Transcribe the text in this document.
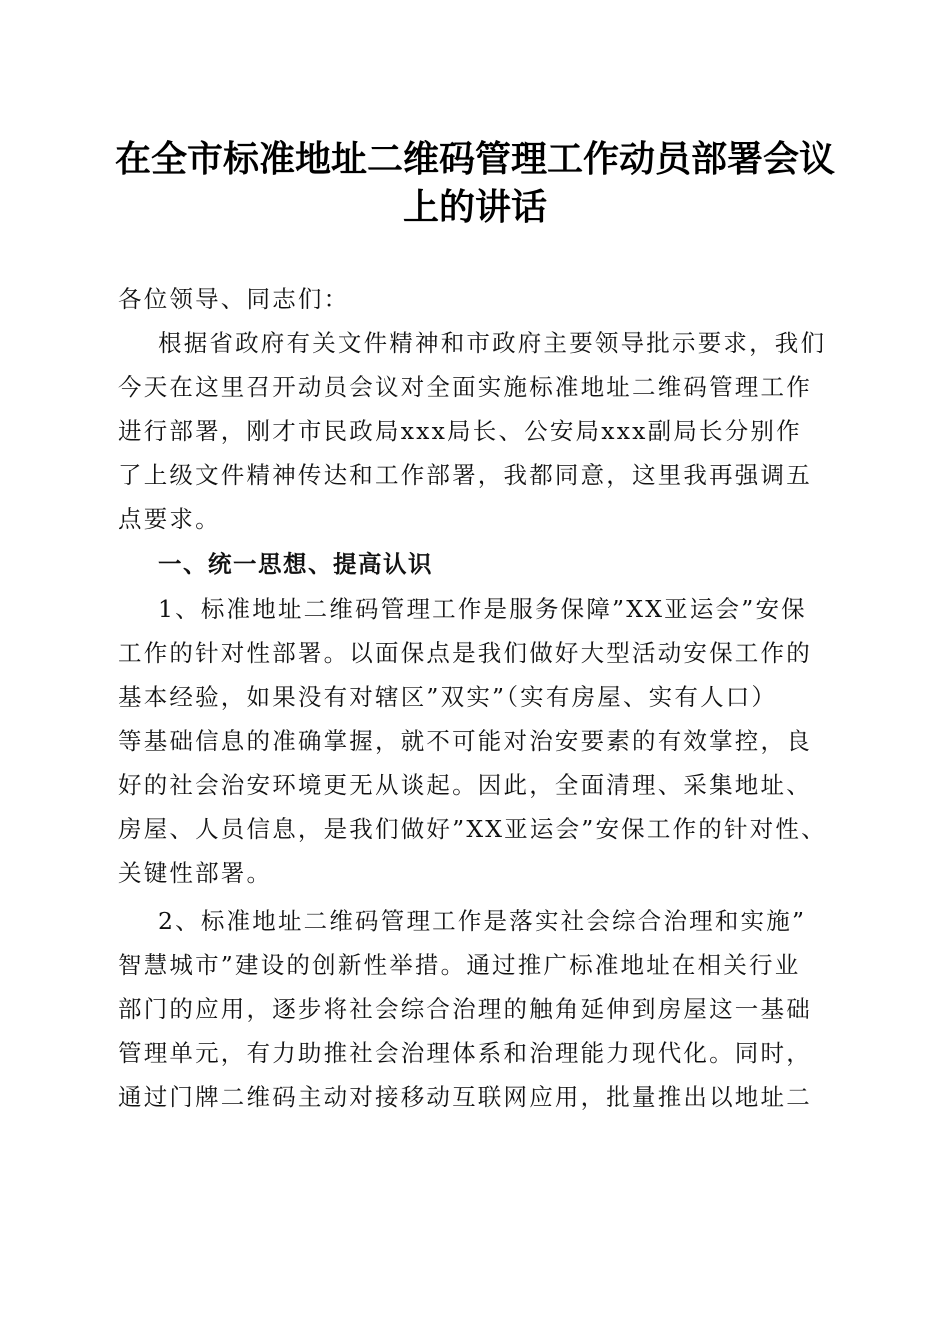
在全市标准地址二维码管理工作动员部署会议
上的讲话
各位领导、同志们：
根据省政府有关文件精神和市政府主要领导批示要求，我们
今天在这里召开动员会议对全面实施标准地址二维码管理工作
进行部署，刚才市民政局xxx局长、公安局xxx副局长分别作
了上级文件精神传达和工作部署，我都同意，这里我再强调五
点要求。
一、统一思想、提高认识
1、标准地址二维码管理工作是服务保障”XX亚运会”安保
工作的针对性部署。以面保点是我们做好大型活动安保工作的
基本经验，如果没有对辖区”双实”（实有房屋、实有人口）
等基础信息的准确掌握，就不可能对治安要素的有效掌控，良
好的社会治安环境更无从谈起。因此，全面清理、采集地址、
房屋、人员信息，是我们做好”XX亚运会”安保工作的针对性、
关键性部署。
2、标准地址二维码管理工作是落实社会综合治理和实施”
智慧城市”建设的创新性举措。通过推广标准地址在相关行业
部门的应用，逐步将社会综合治理的触角延伸到房屋这一基础
管理单元，有力助推社会治理体系和治理能力现代化。同时，
通过门牌二维码主动对接移动互联网应用，批量推出以地址二
